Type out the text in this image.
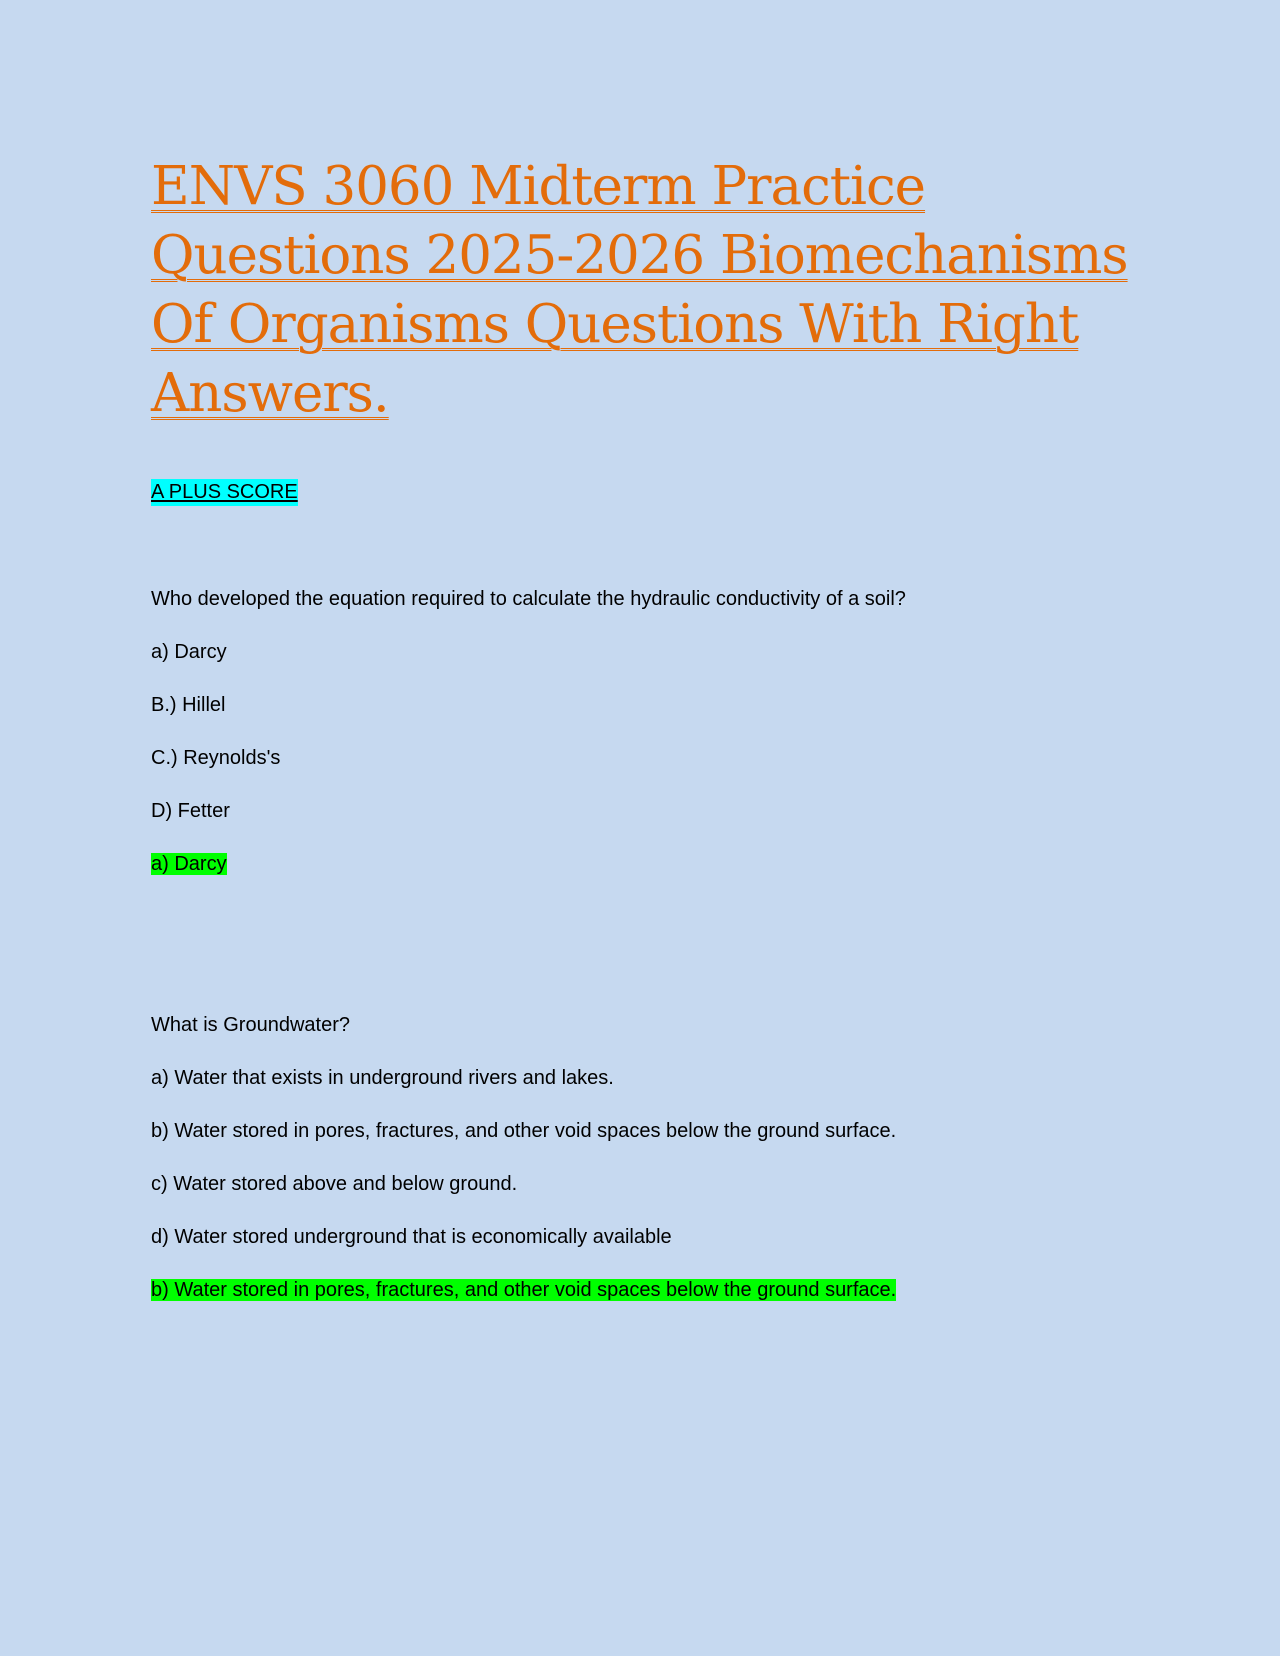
ENVS 3060 Midterm Practice Questions 2025-2026 Biomechanisms Of Organisms Questions With Right Answers.
A PLUS SCORE
Who developed the equation required to calculate the hydraulic conductivity of a soil?
a) Darcy
B.) Hillel
C.) Reynolds's
D) Fetter
a) Darcy
What is Groundwater?
a) Water that exists in underground rivers and lakes.
b) Water stored in pores, fractures, and other void spaces below the ground surface.
c) Water stored above and below ground.
d) Water stored underground that is economically available
b) Water stored in pores, fractures, and other void spaces below the ground surface.
